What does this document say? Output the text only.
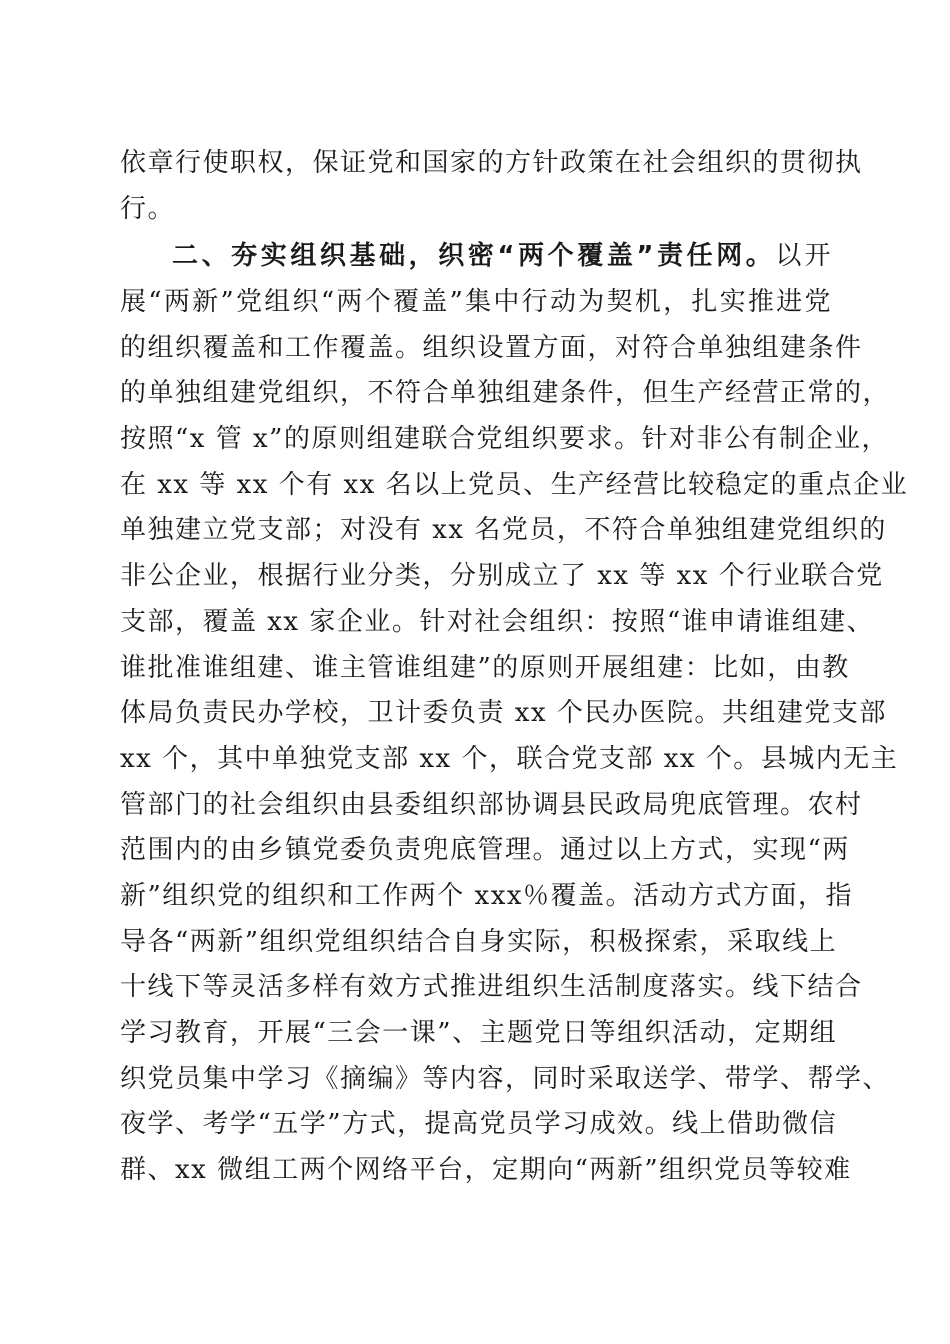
依章行使职权，保证党和国家的方针政策在社会组织的贯彻执
行。
二、夯实组织基础，织密“两个覆盖”责任网。以开
展“两新”党组织“两个覆盖”集中行动为契机，扎实推进党
的组织覆盖和工作覆盖。组织设置方面，对符合单独组建条件
的单独组建党组织，不符合单独组建条件，但生产经营正常的，
按照“x 管 x”的原则组建联合党组织要求。针对非公有制企业，
在 xx 等 xx 个有 xx 名以上党员、生产经营比较稳定的重点企业
单独建立党支部；对没有 xx 名党员，不符合单独组建党组织的
非公企业，根据行业分类，分别成立了 xx 等 xx 个行业联合党
支部，覆盖 xx 家企业。针对社会组织：按照“谁申请谁组建、
谁批准谁组建、谁主管谁组建”的原则开展组建：比如，由教
体局负责民办学校，卫计委负责 xx 个民办医院。共组建党支部
xx 个，其中单独党支部 xx 个，联合党支部 xx 个。县城内无主
管部门的社会组织由县委组织部协调县民政局兜底管理。农村
范围内的由乡镇党委负责兜底管理。通过以上方式，实现“两
新”组织党的组织和工作两个 xxx％覆盖。活动方式方面，指
导各“两新”组织党组织结合自身实际，积极探索，采取线上
十线下等灵活多样有效方式推进组织生活制度落实。线下结合
学习教育，开展“三会一课”、主题党日等组织活动，定期组
织党员集中学习《摘编》等内容，同时采取送学、带学、帮学、
夜学、考学“五学”方式，提高党员学习成效。线上借助微信
群、xx 微组工两个网络平台，定期向“两新”组织党员等较难
